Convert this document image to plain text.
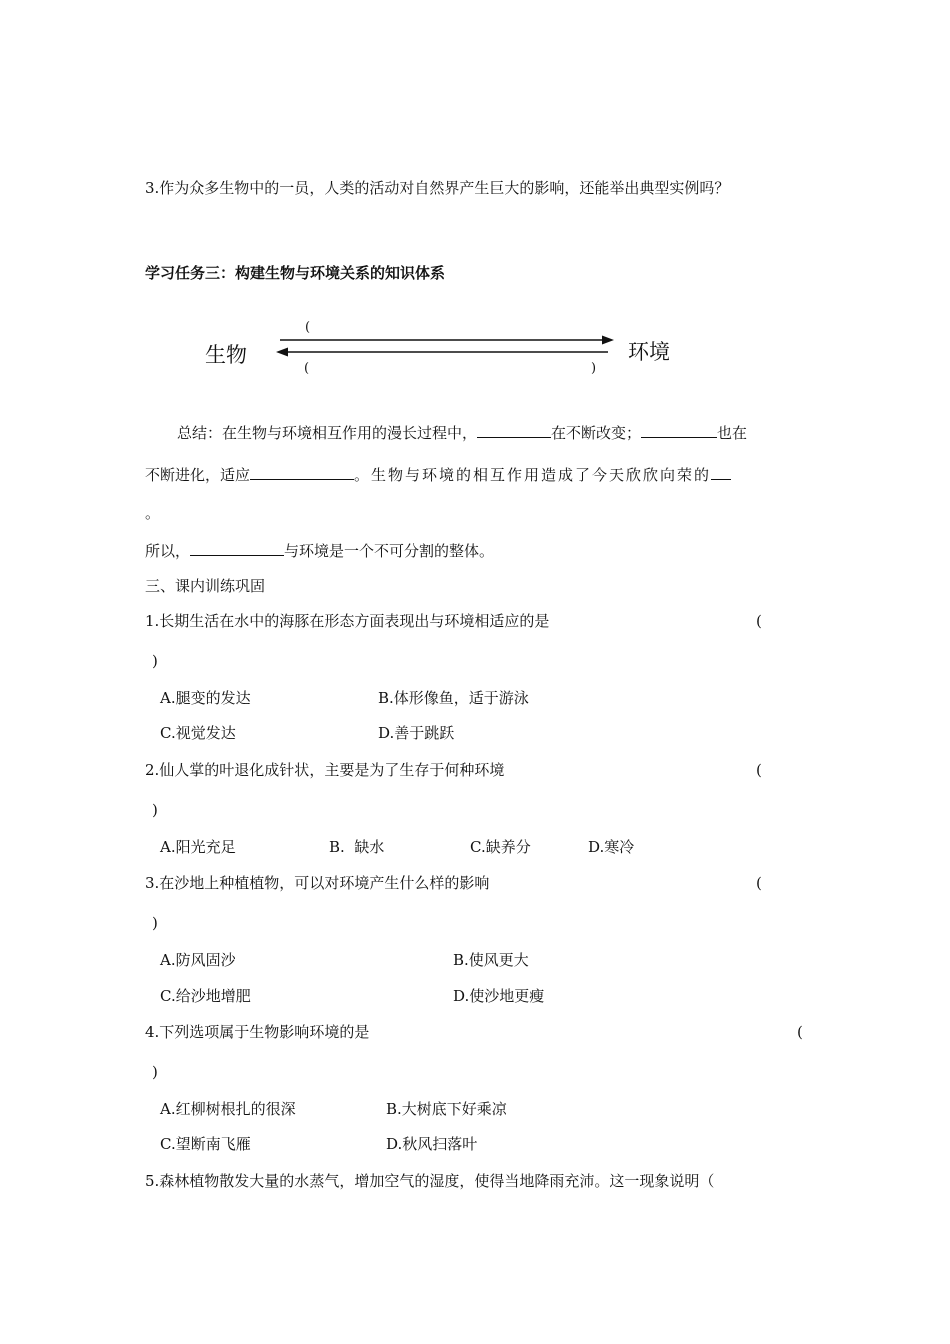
3.作为众多生物中的一员，人类的活动对自然界产生巨大的影响，还能举出典型实例吗？
学习任务三：构建生物与环境关系的知识体系
生物	环境
(
(	)
总结：在生物与环境相互作用的漫长过程中，	在不断改变；	也在
不断进化，适应	。生物与环境的相互作用造成了今天欣欣向荣的
。
所以，	与环境是一个不可分割的整体。
三、课内训练巩固
1.长期生活在水中的海豚在形态方面表现出与环境相适应的是	(
)
A.腿变的发达	B.体形像鱼，适于游泳
C.视觉发达	D.善于跳跃
2.仙人掌的叶退化成针状，主要是为了生存于何种环境	(
)
A.阳光充足	B.  缺水	C.缺养分	D.寒冷
3.在沙地上种植植物，可以对环境产生什么样的影响	(
)
A.防风固沙	B.使风更大
C.给沙地增肥	D.使沙地更瘦
4.下列选项属于生物影响环境的是	(
)
A.红柳树根扎的很深	B.大树底下好乘凉
C.望断南飞雁	D.秋风扫落叶
5.森林植物散发大量的水蒸气，增加空气的湿度，使得当地降雨充沛。这一现象说明（
